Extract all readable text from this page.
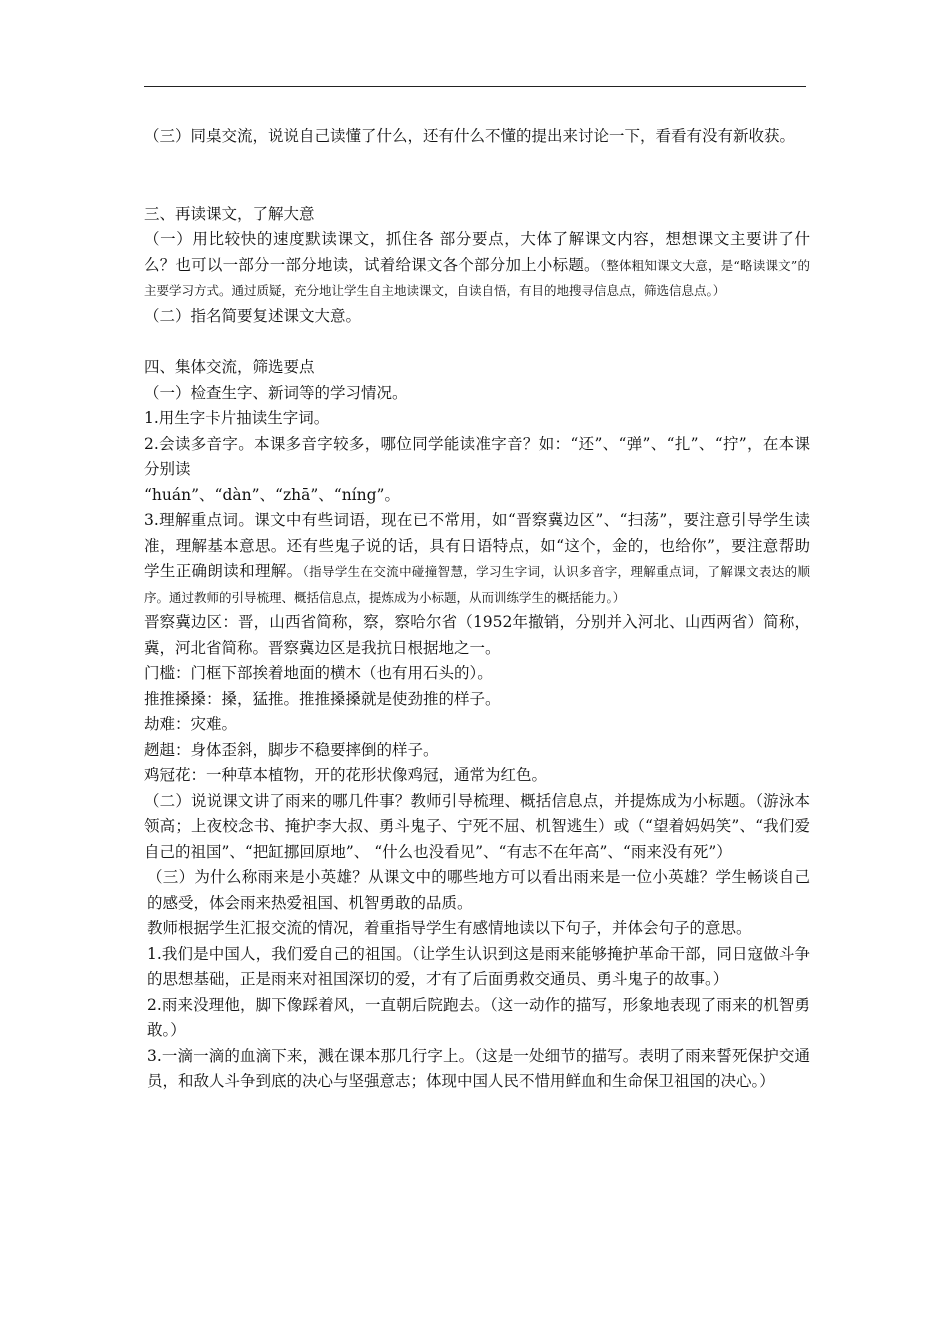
（三）同桌交流，说说自己读懂了什么，还有什么不懂的提出来讨论一下，看看有没有新收获。

三、再读课文，了解大意

（一）用比较快的速度默读课文，抓住各 部分要点，大体了解课文内容，想想课文主要讲了什么？也可以一部分一部分地读，试着给课文各个部分加上小标题。（整体粗知课文大意，是“略读课文”的主要学习方式。通过质疑，充分地让学生自主地读课文，自读自悟，有目的地搜寻信息点，筛选信息点。）

（二）指名简要复述课文大意。

四、集体交流，筛选要点

（一）检查生字、新词等的学习情况。

1.用生字卡片抽读生字词。

2.会读多音字。本课多音字较多，哪位同学能读准字音？如：“还”、“弹”、“扎”、“拧”，在本课分别读

“huán”、“dàn”、“zhā”、“níng”。

3.理解重点词。课文中有些词语，现在已不常用，如“晋察冀边区”、“扫荡”，要注意引导学生读准，理解基本意思。还有些鬼子说的话，具有日语特点，如“这个，金的，也给你”，要注意帮助学生正确朗读和理解。（指导学生在交流中碰撞智慧，学习生字词，认识多音字，理解重点词，了解课文表达的顺序。通过教师的引导梳理、概括信息点，提炼成为小标题，从而训练学生的概括能力。）

晋察冀边区：晋，山西省简称，察，察哈尔省（1952年撤销，分别并入河北、山西两省）简称，冀，河北省简称。晋察冀边区是我抗日根据地之一。

门槛：门框下部挨着地面的横木（也有用石头的）。

推推搡搡：搡，猛推。推推搡搡就是使劲推的样子。

劫难：灾难。

趔趄：身体歪斜，脚步不稳要摔倒的样子。

鸡冠花：一种草本植物，开的花形状像鸡冠，通常为红色。

（二）说说课文讲了雨来的哪几件事？教师引导梳理、概括信息点，并提炼成为小标题。（游泳本领高；上夜校念书、掩护李大叔、勇斗鬼子、宁死不屈、机智逃生）或（“望着妈妈笑”、“我们爱自己的祖国”、“把缸挪回原地”、 “什么也没看见”、“有志不在年高”、“雨来没有死”）

（三）为什么称雨来是小英雄？从课文中的哪些地方可以看出雨来是一位小英雄？学生畅谈自己的感受，体会雨来热爱祖国、机智勇敢的品质。

教师根据学生汇报交流的情况，着重指导学生有感情地读以下句子，并体会句子的意思。

1.我们是中国人，我们爱自己的祖国。（让学生认识到这是雨来能够掩护革命干部，同日寇做斗争的思想基础，正是雨来对祖国深切的爱，才有了后面勇救交通员、勇斗鬼子的故事。）

2.雨来没理他，脚下像踩着风，一直朝后院跑去。（这一动作的描写，形象地表现了雨来的机智勇敢。）

3.一滴一滴的血滴下来，溅在课本那几行字上。（这是一处细节的描写。表明了雨来誓死保护交通员，和敌人斗争到底的决心与坚强意志；体现中国人民不惜用鲜血和生命保卫祖国的决心。）
